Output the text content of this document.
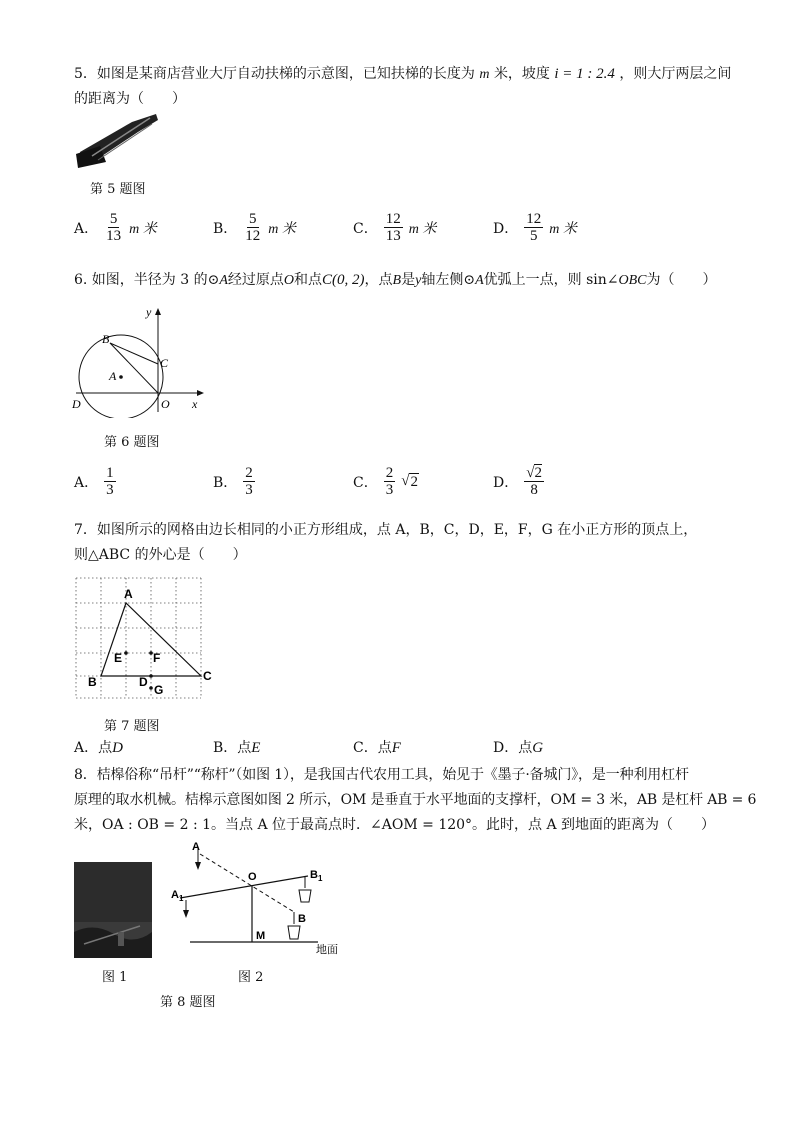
5．如图是某商店营业大厅自动扶梯的示意图，已知扶梯的长度为 m 米，坡度 i = 1 : 2.4 ，则大厅两层之间
的距离为（　　）
第 5 题图
A． $\frac{5}{13}$ m 米	B． $\frac{5}{12}$ m 米	C． $\frac{12}{13}$ m 米	D． $\frac{12}{5}$ m 米
6. 如图，半径为 3 的⊙A经过原点O和点C(0, 2)，点B是y轴左侧⊙A优弧上一点，则 sin∠OBC为（　　）
B
y
C
A
D	O x
第 6 题图
A． $\frac{1}{3}$	B． $\frac{2}{3}$	C． $\frac{2}{3}$ √ 2	D． $\frac{√2}{8}$
7．如图所示的网格由边长相同的小正方形组成，点 A，B，C，D，E，F，G 在小正方形的顶点上，
则△ABC 的外心是（　　）
A
E	F
B	D
G
C
第 7 题图
A．点D	B．点E	C．点F	D．点G
8．桔槔俗称“吊杆”“称杆”（如图 1），是我国古代农用工具，始见于《墨子·备城门》，是一种利用杠杆
原理的取水机械。桔槔示意图如图 2 所示，OM 是垂直于水平地面的支撑杆，OM = 3 米，AB 是杠杆 AB = 6
米，OA : OB = 2 : 1。当点 A 位于最高点时．∠AOM = 120°。此时，点 A 到地面的距离为（　　）
A
O	$B_1$
$A_1$
B
M
地面
图 1	图 2
第 8 题图
